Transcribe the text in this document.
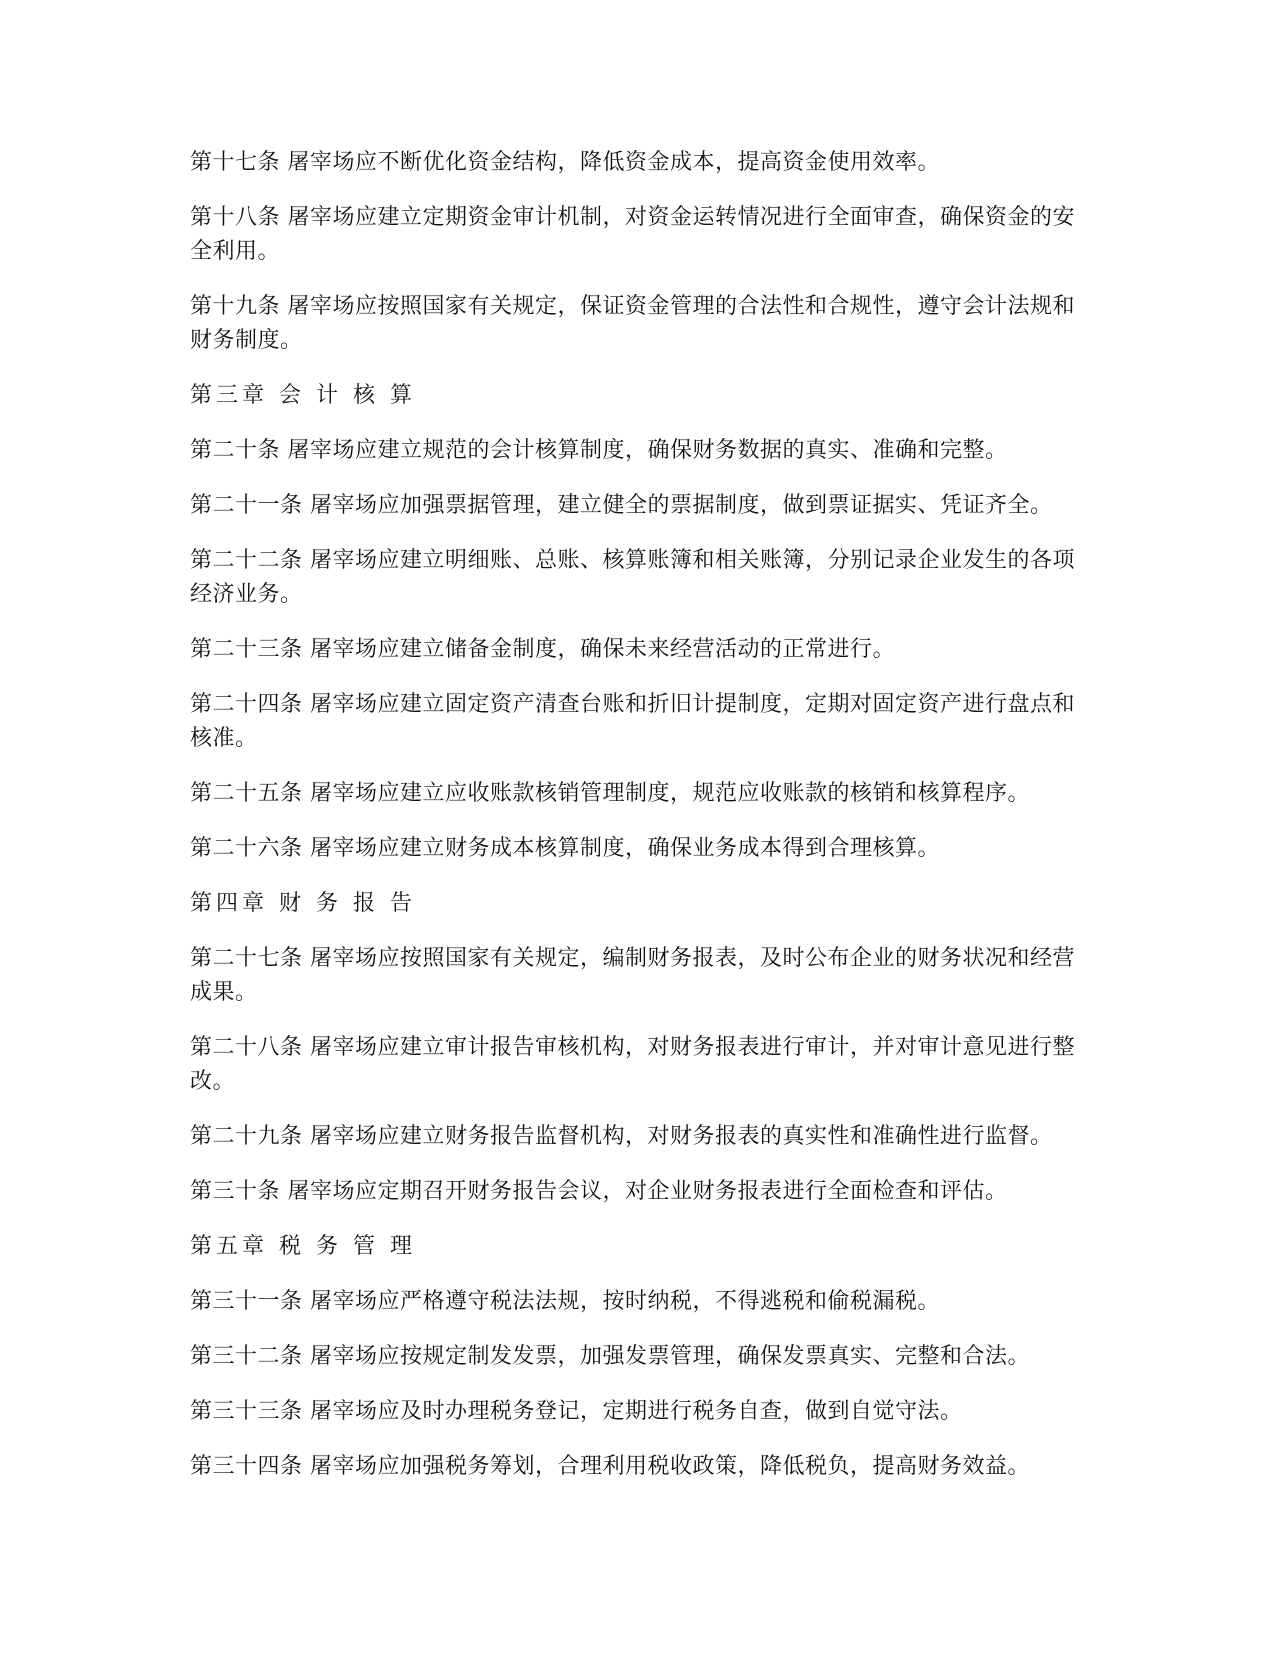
第十七条 屠宰场应不断优化资金结构，降低资金成本，提高资金使用效率。

第十八条 屠宰场应建立定期资金审计机制，对资金运转情况进行全面审查，确保资金的安全利用。

第十九条 屠宰场应按照国家有关规定，保证资金管理的合法性和合规性，遵守会计法规和财务制度。

第三章 会 计 核 算

第二十条 屠宰场应建立规范的会计核算制度，确保财务数据的真实、准确和完整。

第二十一条 屠宰场应加强票据管理，建立健全的票据制度，做到票证据实、凭证齐全。

第二十二条 屠宰场应建立明细账、总账、核算账簿和相关账簿，分别记录企业发生的各项经济业务。

第二十三条 屠宰场应建立储备金制度，确保未来经营活动的正常进行。

第二十四条 屠宰场应建立固定资产清查台账和折旧计提制度，定期对固定资产进行盘点和核准。

第二十五条 屠宰场应建立应收账款核销管理制度，规范应收账款的核销和核算程序。

第二十六条 屠宰场应建立财务成本核算制度，确保业务成本得到合理核算。

第四章 财 务 报 告

第二十七条 屠宰场应按照国家有关规定，编制财务报表，及时公布企业的财务状况和经营成果。

第二十八条 屠宰场应建立审计报告审核机构，对财务报表进行审计，并对审计意见进行整改。

第二十九条 屠宰场应建立财务报告监督机构，对财务报表的真实性和准确性进行监督。

第三十条 屠宰场应定期召开财务报告会议，对企业财务报表进行全面检查和评估。

第五章 税 务 管 理

第三十一条 屠宰场应严格遵守税法法规，按时纳税，不得逃税和偷税漏税。

第三十二条 屠宰场应按规定制发发票，加强发票管理，确保发票真实、完整和合法。

第三十三条 屠宰场应及时办理税务登记，定期进行税务自查，做到自觉守法。

第三十四条 屠宰场应加强税务筹划，合理利用税收政策，降低税负，提高财务效益。
